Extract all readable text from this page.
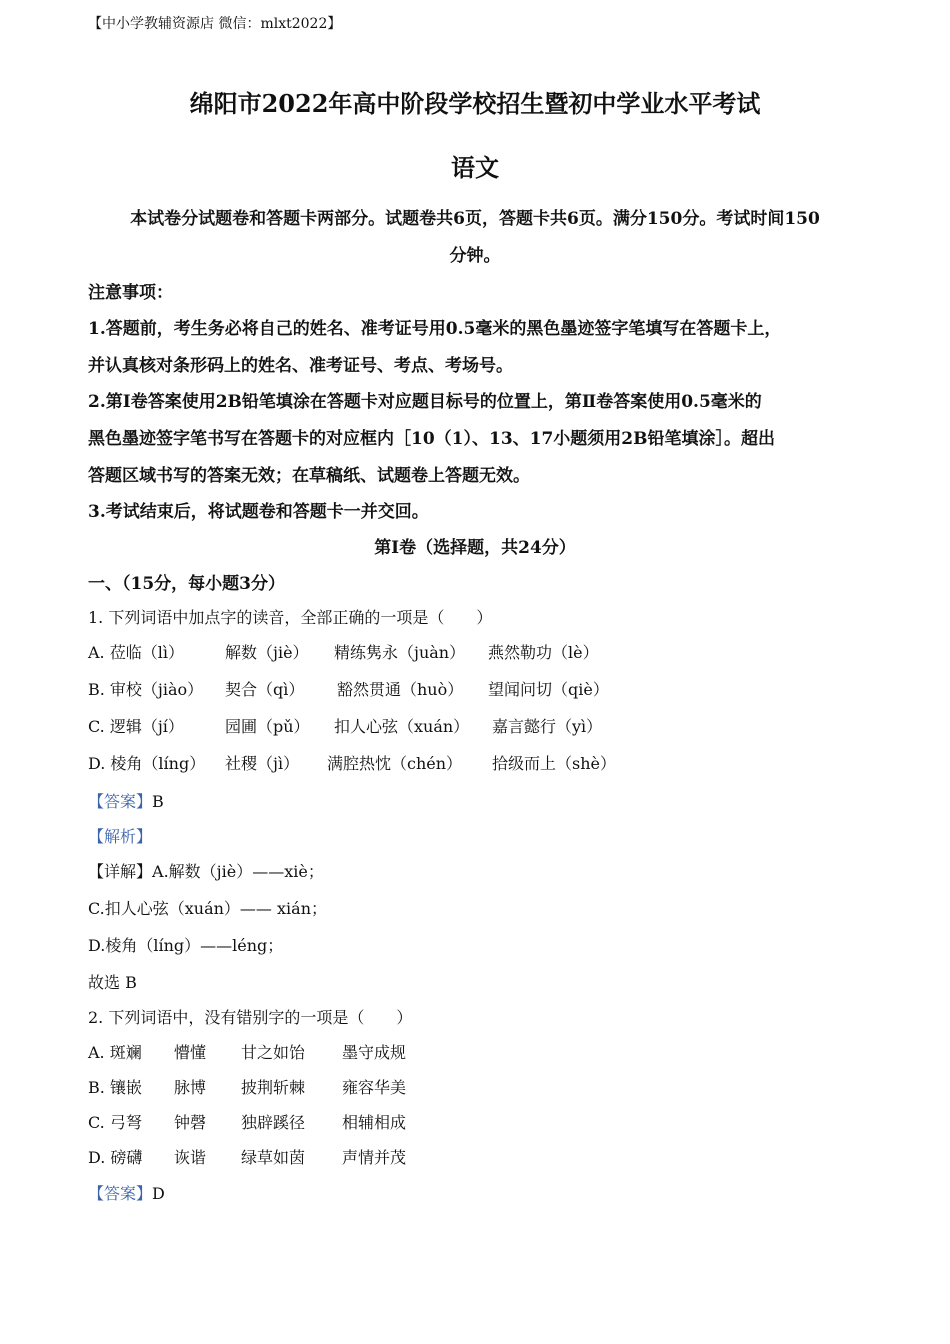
【中小学教辅资源店 微信：mlxt2022】
绵阳市2022年高中阶段学校招生暨初中学业水平考试
语文
本试卷分试题卷和答题卡两部分。试题卷共6页，答题卡共6页。满分150分。考试时间150
分钟。
注意事项：
1.答题前，考生务必将自己的姓名、准考证号用0.5毫米的黑色墨迹签字笔填写在答题卡上，
并认真核对条形码上的姓名、准考证号、考点、考场号。
2.第Ⅰ卷答案使用2B铅笔填涂在答题卡对应题目标号的位置上，第Ⅱ卷答案使用0.5毫米的
黑色墨迹签字笔书写在答题卡的对应框内［10（1）、13、17小题须用2B铅笔填涂］。超出
答题区域书写的答案无效；在草稿纸、试题卷上答题无效。
3.考试结束后，将试题卷和答题卡一并交回。
第Ⅰ卷（选择题，共24分）
一、（15分，每小题3分）
1. 下列词语中加点字的读音，全部正确的一项是（　　）
A. 莅临（lì）	解数（jiè） 精练隽永（juàn） 燕然勒功（lè）
B. 审校（jiào） 契合（qì） 豁然贯通（huò） 望闻问切（qiè）
C. 逻辑（jí）	园圃（pǔ） 扣人心弦（xuán） 嘉言懿行（yì）
D. 棱角（líng） 社稷（jì） 满腔热忱（chén） 拾级而上（shè）
【答案】B
【解析】
【详解】A.解数（jiè）——xiè；
C.扣人心弦（xuán）—— xián；
D.棱角（líng）——léng；
故选 B
2. 下列词语中，没有错别字的一项是（　　）
A. 斑斓 懵懂 甘之如饴 墨守成规
B. 镶嵌 脉博 披荆斩棘 雍容华美
C. 弓弩 钟磬 独辟蹊径 相辅相成
D. 磅礴 诙谐 绿草如茵 声情并茂
【答案】D
